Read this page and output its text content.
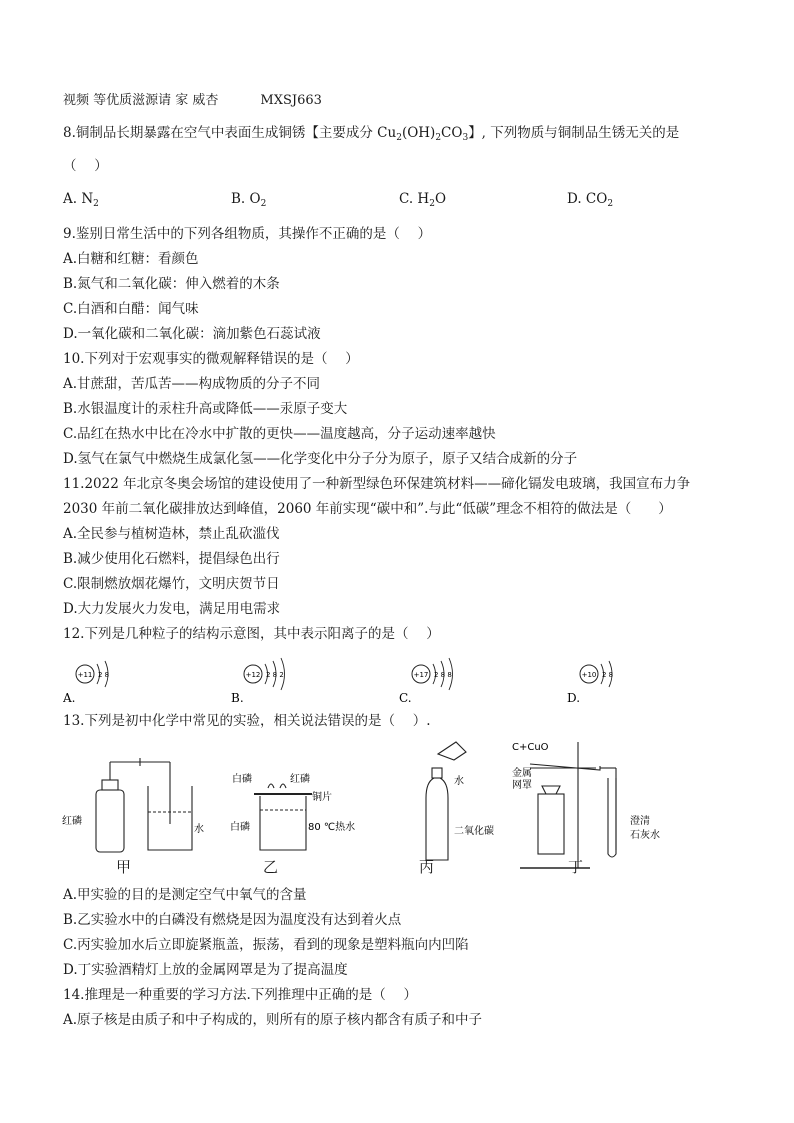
视频 等优质滋源请 家 威杏	MXSJ663
8.铜制品长期暴露在空气中表面生成铜锈【主要成分 $Cu_2(OH)_2CO_3$】, 下列物质与铜制品生锈无关的是
（　 ）
A. $N_2$	B. $O_2$	C. $H_2O$	D. $CO_2$
9.鉴别日常生活中的下列各组物质，其操作不正确的是（　 ）
A.白糖和红糖：看颜色
B.氮气和二氧化碳：伸入燃着的木条
C.白酒和白醋：闻气味
D.一氧化碳和二氧化碳：滴加紫色石蕊试液
10.下列对于宏观事实的微观解释错误的是（　 ）
A.甘蔗甜，苦瓜苦——构成物质的分子不同
B.水银温度计的汞柱升高或降低——汞原子变大
C.品红在热水中比在冷水中扩散的更快——温度越高，分子运动速率越快
D.氢气在氯气中燃烧生成氯化氢——化学变化中分子分为原子，原子又结合成新的分子
11.2022 年北京冬奥会场馆的建设使用了一种新型绿色环保建筑材料——碲化镉发电玻璃，我国宣布力争
2030 年前二氧化碳排放达到峰值，2060 年前实现“碳中和”.与此“低碳”理念不相符的做法是（　　）
A.全民参与植树造林，禁止乱砍滥伐
B.减少使用化石燃料，提倡绿色出行
C.限制燃放烟花爆竹，文明庆贺节日
D.大力发展火力发电，满足用电需求
12.下列是几种粒子的结构示意图，其中表示阳离子的是（　 ）
+11 2 8
A.
+12 2 8 2
B.
+17 2 8 8
C.
+10 2 8
D.
13.下列是初中化学中常见的实验，相关说法错误的是（　 ）.
红磷
水
白磷	红磷
铜片
白磷	80 ℃热水
水
二氧化碳
C+CuO
金属
网罩
澄清
石灰水
甲	乙	丙	丁
A.甲实验的目的是测定空气中氧气的含量
B.乙实验水中的白磷没有燃烧是因为温度没有达到着火点
C.丙实验加水后立即旋紧瓶盖，振荡，看到的现象是塑料瓶向内凹陷
D.丁实验酒精灯上放的金属网罩是为了提高温度
14.推理是一种重要的学习方法.下列推理中正确的是（　 ）
A.原子核是由质子和中子构成的，则所有的原子核内都含有质子和中子
